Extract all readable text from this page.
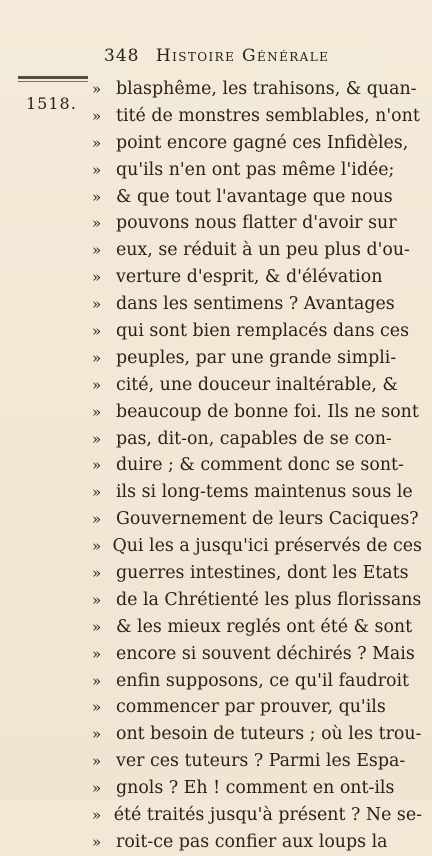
348 Histoire Générale
1518.
» blasphême, les trahisons, & quan-
» tité de monstres semblables, n'ont
» point encore gagné ces Infidèles,
» qu'ils n'en ont pas même l'idée;
» & que tout l'avantage que nous
» pouvons nous flatter d'avoir sur
» eux, se réduit à un peu plus d'ou-
» verture d'esprit, & d'élévation
» dans les sentimens ? Avantages
» qui sont bien remplacés dans ces
» peuples, par une grande simpli-
» cité, une douceur inaltérable, &
» beaucoup de bonne foi. Ils ne sont
» pas, dit-on, capables de se con-
» duire ; & comment donc se sont-
» ils si long-tems maintenus sous le
» Gouvernement de leurs Caciques?
» Qui les a jusqu'ici préservés de ces
» guerres intestines, dont les Etats
» de la Chrétienté les plus florissans
» & les mieux reglés ont été & sont
» encore si souvent déchirés ? Mais
» enfin supposons, ce qu'il faudroit
» commencer par prouver, qu'ils
» ont besoin de tuteurs ; où les trou-
» ver ces tuteurs ? Parmi les Espa-
» gnols ? Eh ! comment en ont-ils
» été traités jusqu'à présent ? Ne se-
» roit-ce pas confier aux loups la
